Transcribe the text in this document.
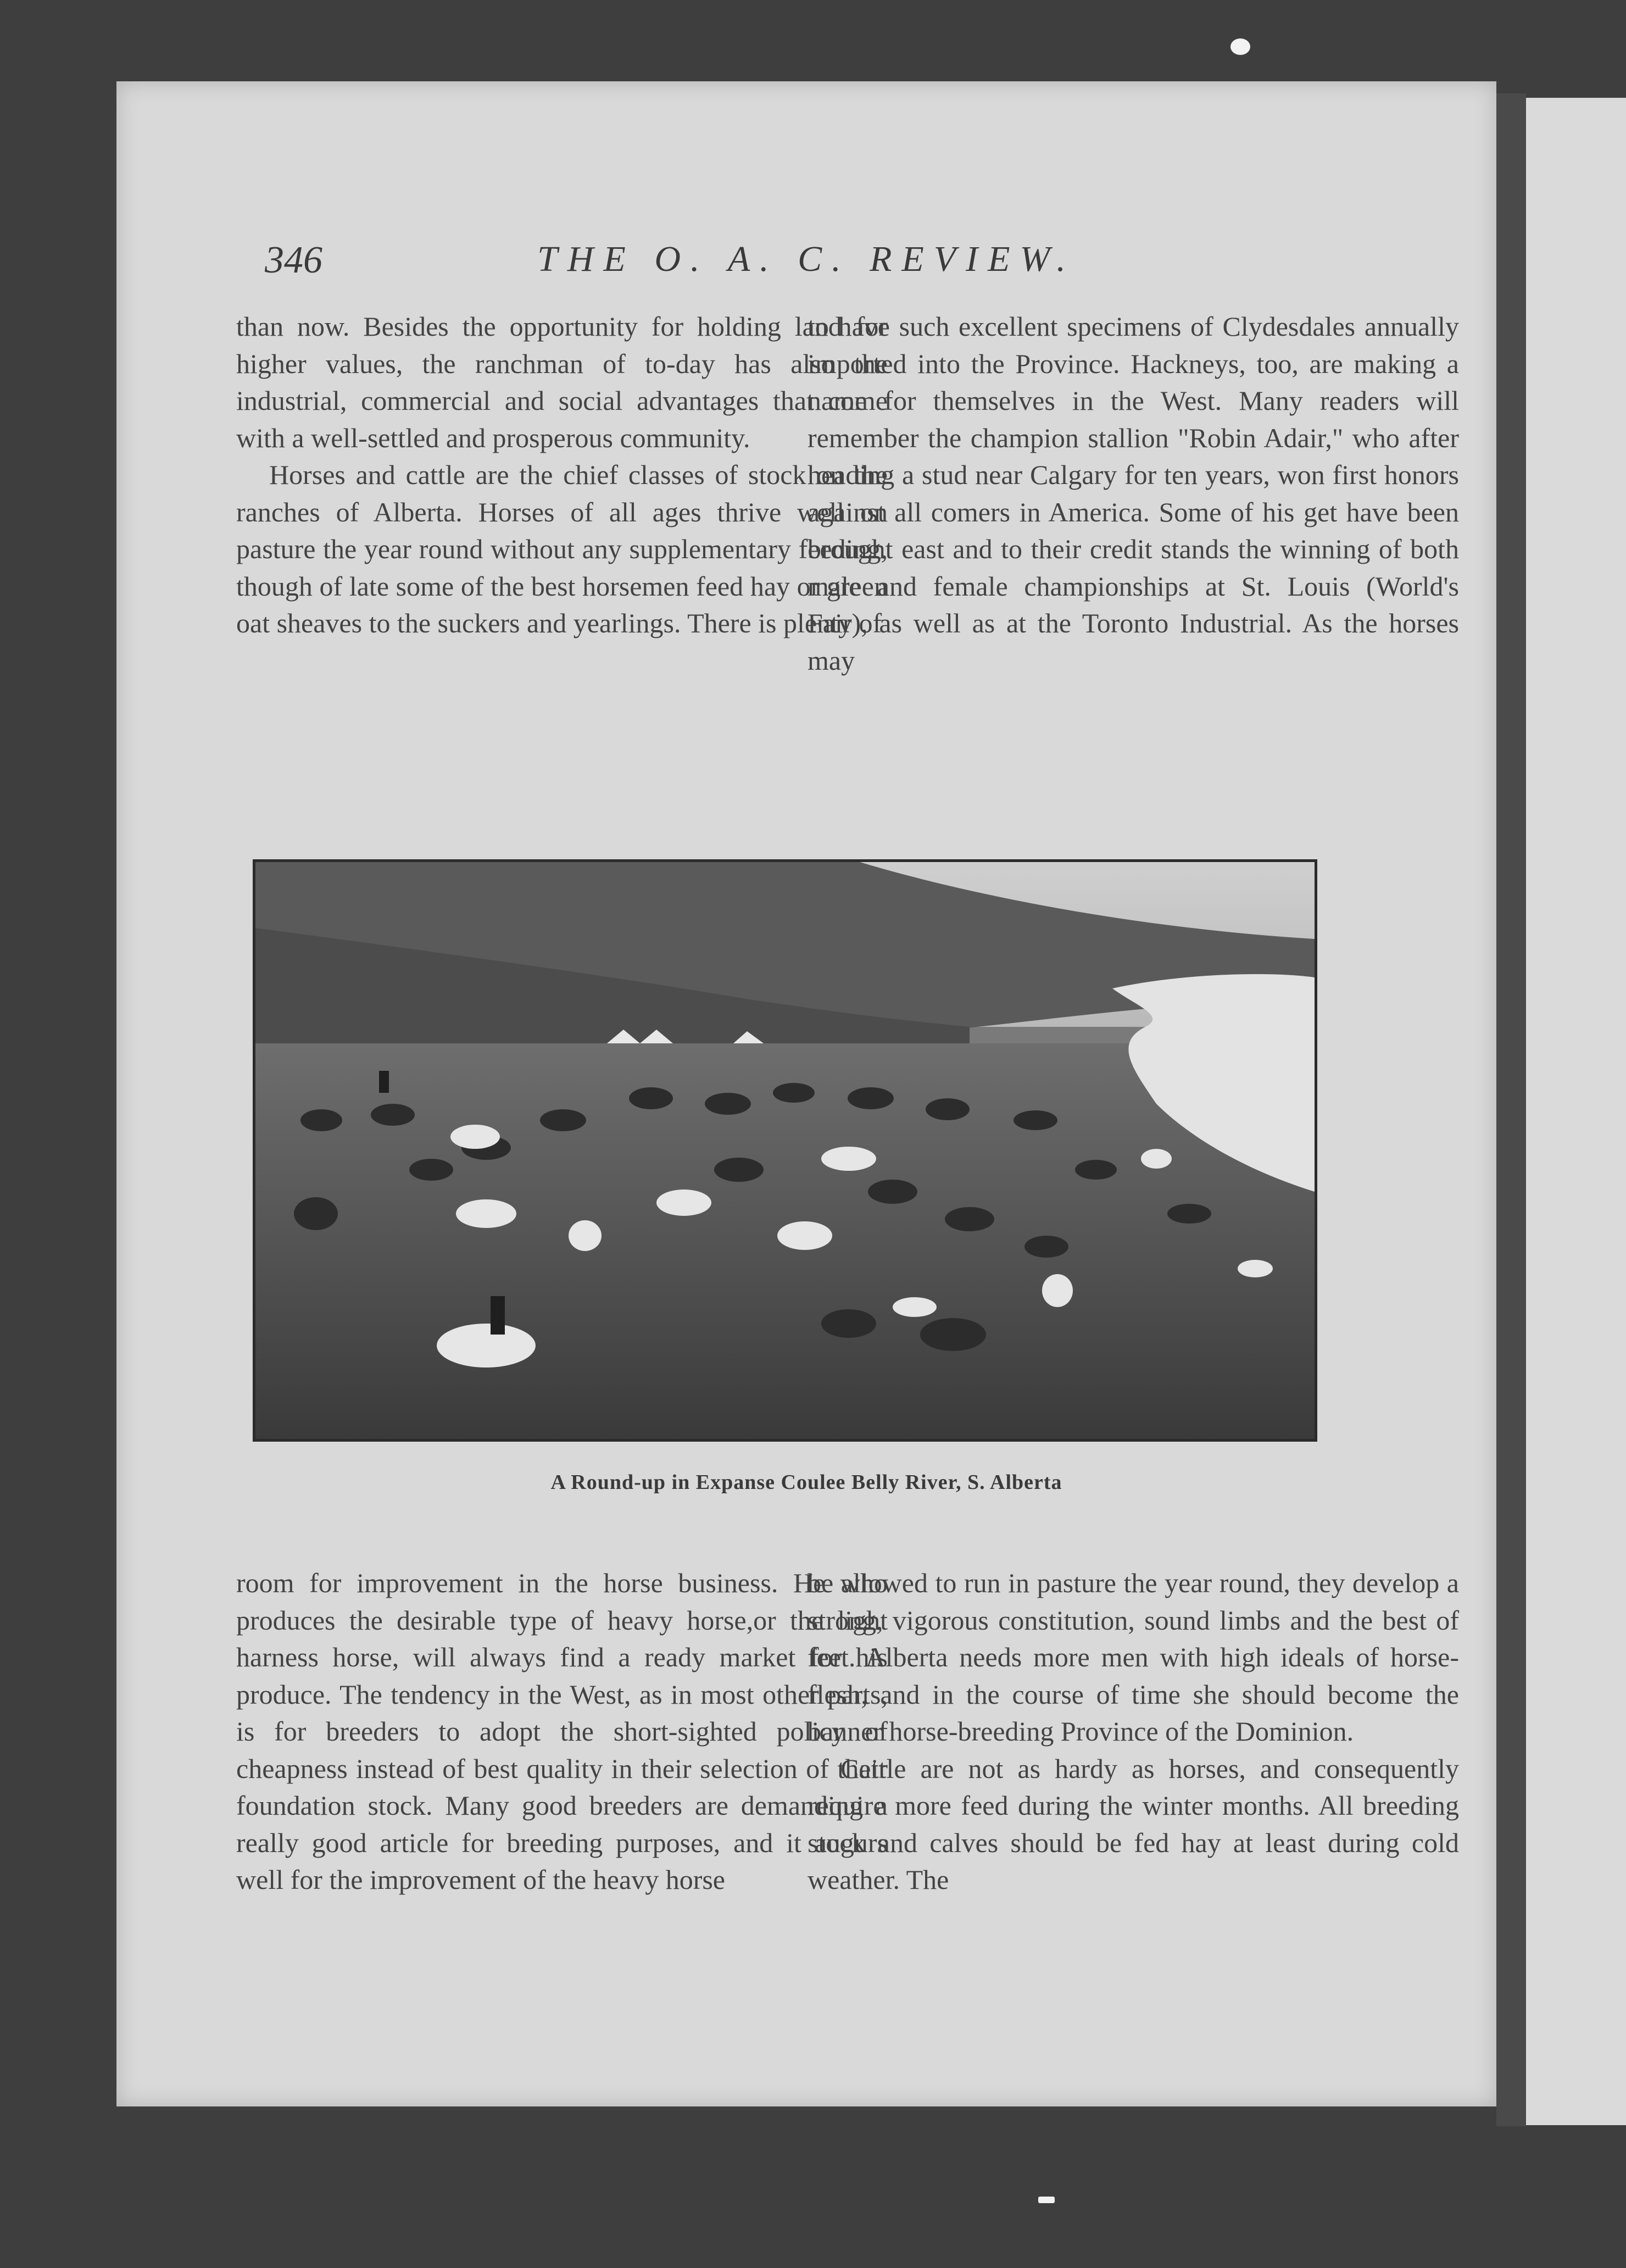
346	THE O. A. C. REVIEW.

than now. Besides the opportunity for holding land for higher values, the ranchman of to-day has also the industrial, commercial and social advantages that come with a well-settled and prosperous community.

Horses and cattle are the chief classes of stock on the ranches of Alberta. Horses of all ages thrive well on pasture the year round without any supplementary feeding, though of late some of the best horsemen feed hay or green oat sheaves to the suckers and yearlings. There is plenty of

to have such excellent specimens of Clydesdales annually imported into the Province. Hackneys, too, are making a name for themselves in the West. Many readers will remember the champion stallion "Robin Adair," who after heading a stud near Calgary for ten years, won first honors against all comers in America. Some of his get have been brought east and to their credit stands the winning of both male and female championships at St. Louis (World's Fair), as well as at the Toronto Industrial. As the horses may

A Round-up in Expanse Coulee Belly River, S. Alberta

room for improvement in the horse business. He who produces the desirable type of heavy horse,or the light harness horse, will always find a ready market for his produce. The tendency in the West, as in most other parts, is for breeders to adopt the short-sighted policy of cheapness instead of best quality in their selection of their foundation stock. Many good breeders are demanding a really good article for breeding purposes, and it augurs well for the improvement of the heavy horse

be allowed to run in pasture the year round, they develop a strong, vigorous constitution, sound limbs and the best of feet. Alberta needs more men with high ideals of horse-flesh, and in the course of time she should become the banner horse-breeding Province of the Dominion.

Cattle are not as hardy as horses, and consequently require more feed during the winter months. All breeding stock and calves should be fed hay at least during cold weather. The
